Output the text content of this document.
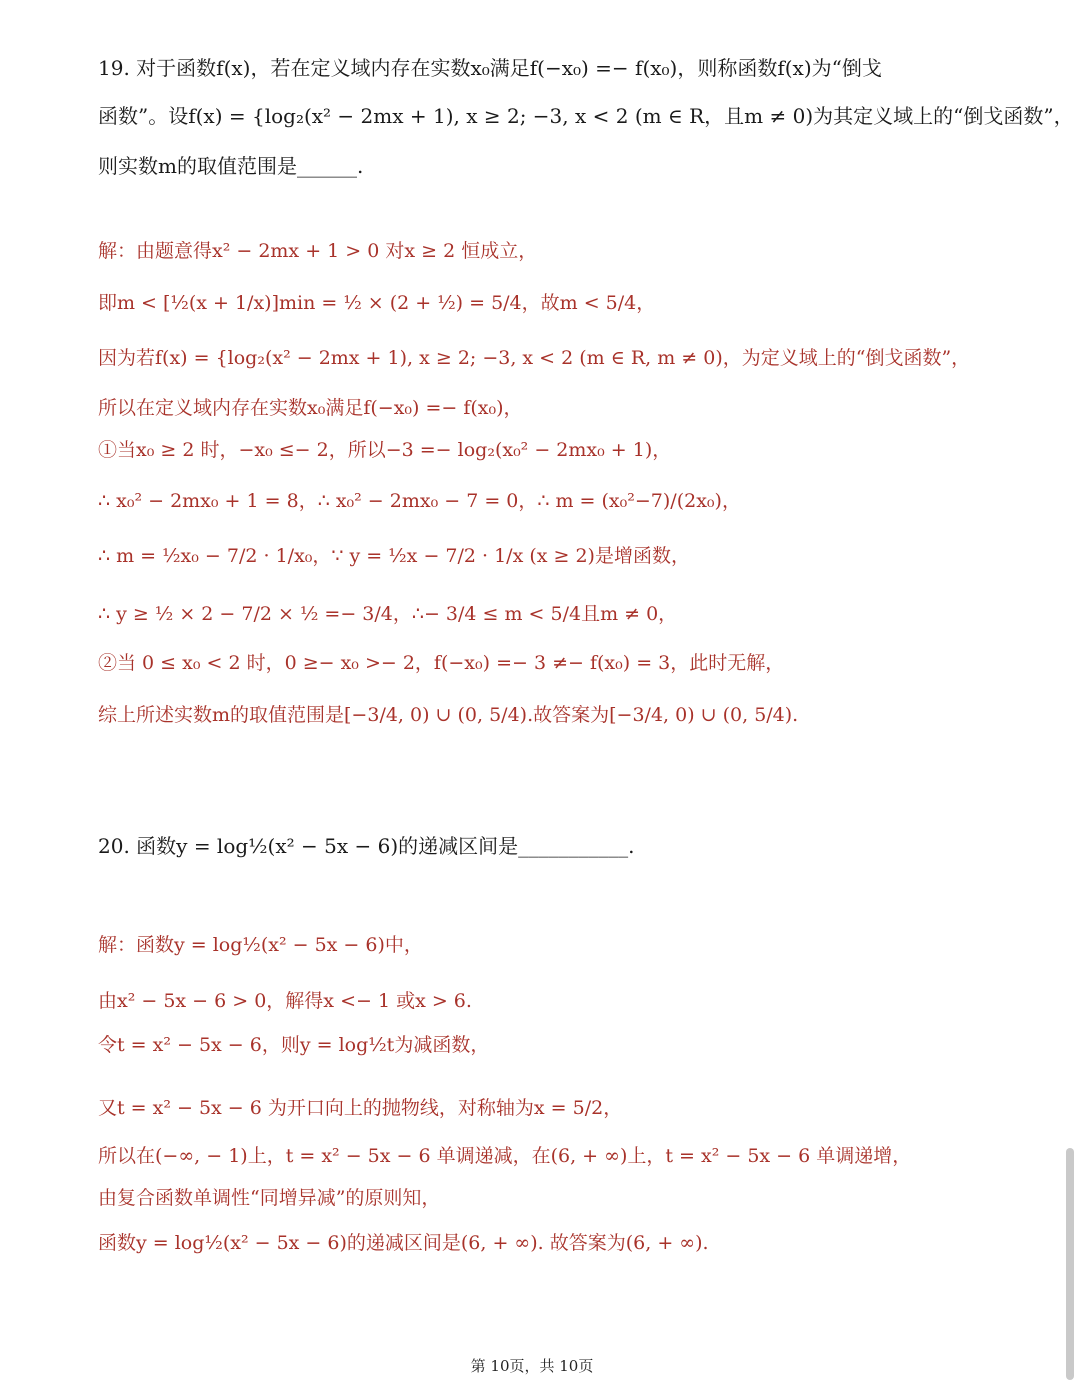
19. 对于函数f(x)，若在定义域内存在实数x₀满足f(−x₀) =− f(x₀)，则称函数f(x)为“倒戈
函数”。设f(x) = {log₂(x² − 2mx + 1), x ≥ 2; −3, x < 2 (m ∈ R，且m ≠ 0)为其定义域上的“倒戈函数”，
则实数m的取值范围是______.
解：由题意得x² − 2mx + 1 > 0 对x ≥ 2 恒成立，
即m < [½(x + 1/x)]min = ½ × (2 + ½) = 5/4，故m < 5/4，
因为若f(x) = {log₂(x² − 2mx + 1), x ≥ 2; −3, x < 2 (m ∈ R, m ≠ 0)，为定义域上的“倒戈函数”，
所以在定义域内存在实数x₀满足f(−x₀) =− f(x₀)，
①当x₀ ≥ 2 时，−x₀ ≤− 2，所以−3 =− log₂(x₀² − 2mx₀ + 1)，
∴ x₀² − 2mx₀ + 1 = 8，∴ x₀² − 2mx₀ − 7 = 0，∴ m = (x₀²−7)/(2x₀)，
∴ m = ½x₀ − 7/2 · 1/x₀，∵ y = ½x − 7/2 · 1/x (x ≥ 2)是增函数，
∴ y ≥ ½ × 2 − 7/2 × ½ =− 3/4，∴− 3/4 ≤ m < 5/4且m ≠ 0，
②当 0 ≤ x₀ < 2 时，0 ≥− x₀ >− 2，f(−x₀) =− 3 ≠− f(x₀) = 3，此时无解，
综上所述实数m的取值范围是[−3/4, 0) ∪ (0, 5/4).故答案为[−3/4, 0) ∪ (0, 5/4).
20. 函数y = log½(x² − 5x − 6)的递减区间是___________.
解：函数y = log½(x² − 5x − 6)中，
由x² − 5x − 6 > 0，解得x <− 1 或x > 6.
令t = x² − 5x − 6，则y = log½t为减函数，
又t = x² − 5x − 6 为开口向上的抛物线，对称轴为x = 5/2，
所以在(−∞, − 1)上，t = x² − 5x − 6 单调递减，在(6, + ∞)上，t = x² − 5x − 6 单调递增，
由复合函数单调性“同增异减”的原则知，
函数y = log½(x² − 5x − 6)的递减区间是(6, + ∞). 故答案为(6, + ∞).
第 10页，共 10页
